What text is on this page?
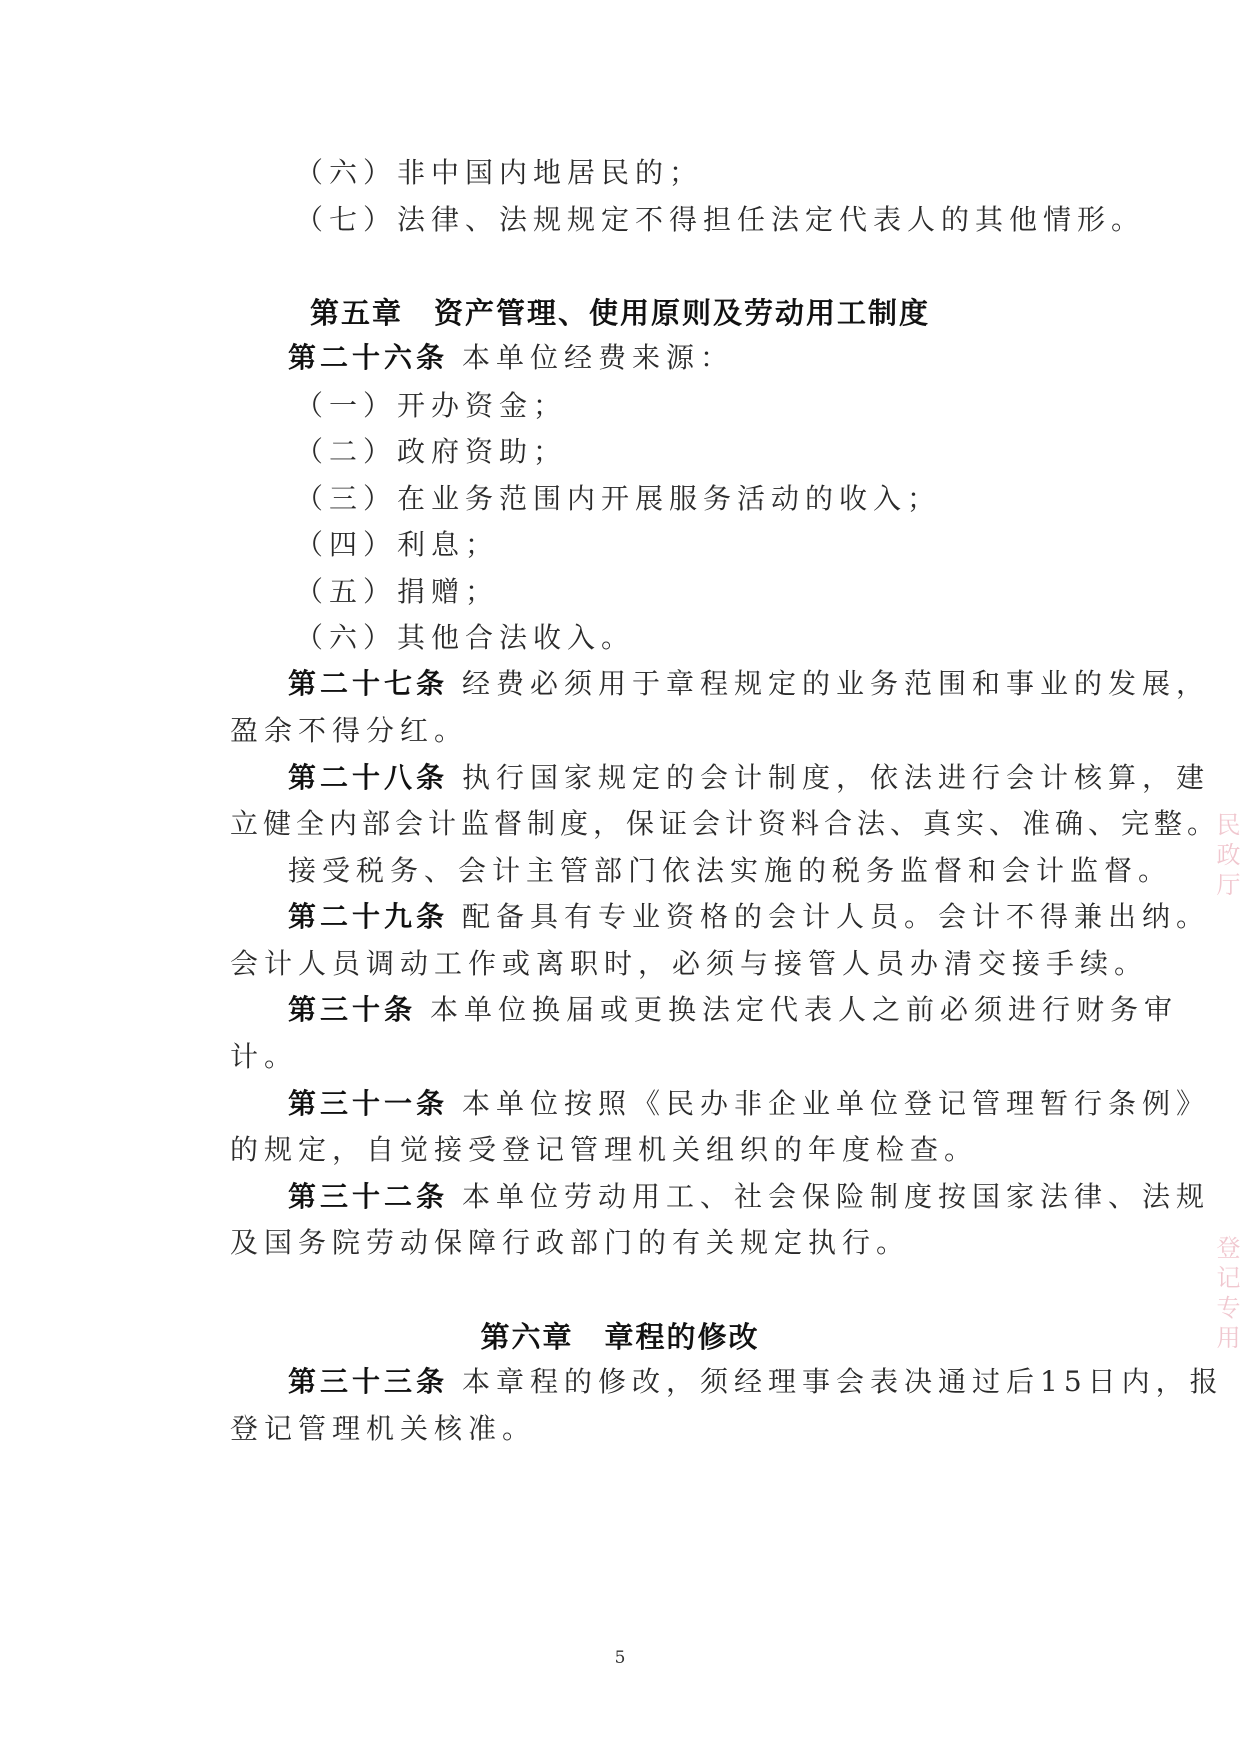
（六）非中国内地居民的；
（七）法律、法规规定不得担任法定代表人的其他情形。
第五章　资产管理、使用原则及劳动用工制度
第二十六条 本单位经费来源：
（一）开办资金；
（二）政府资助；
（三）在业务范围内开展服务活动的收入；
（四）利息；
（五）捐赠；
（六）其他合法收入。
第二十七条 经费必须用于章程规定的业务范围和事业的发展，
盈余不得分红。
第二十八条 执行国家规定的会计制度，依法进行会计核算，建
立健全内部会计监督制度，保证会计资料合法、真实、准确、完整。
接受税务、会计主管部门依法实施的税务监督和会计监督。
第二十九条 配备具有专业资格的会计人员。会计不得兼出纳。
会计人员调动工作或离职时，必须与接管人员办清交接手续。
第三十条 本单位换届或更换法定代表人之前必须进行财务审
计。
第三十一条 本单位按照《民办非企业单位登记管理暂行条例》
的规定，自觉接受登记管理机关组织的年度检查。
第三十二条 本单位劳动用工、社会保险制度按国家法律、法规
及国务院劳动保障行政部门的有关规定执行。
第六章　章程的修改
第三十三条 本章程的修改，须经理事会表决通过后15日内，报
登记管理机关核准。
5
民政厅
登记专用
